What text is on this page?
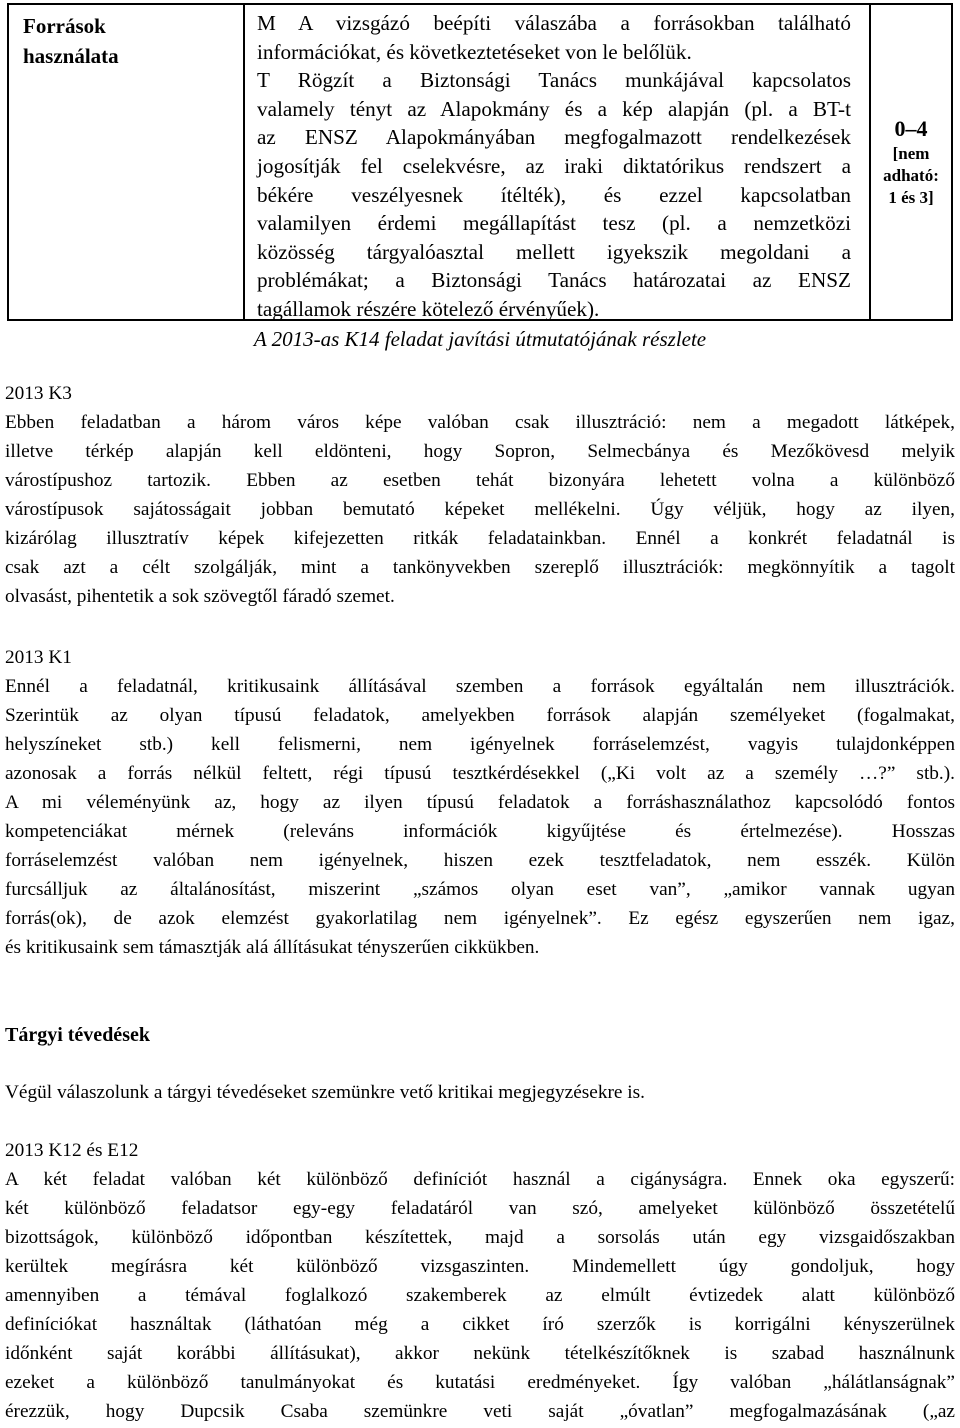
Források
használata
M A vizsgázó beépíti válaszába a forrásokban található
információkat, és következtetéseket von le belőlük.
T Rögzít a Biztonsági Tanács munkájával kapcsolatos
valamely tényt az Alapokmány és a kép alapján (pl. a BT-t
az ENSZ Alapokmányában megfogalmazott rendelkezések
jogosítják fel cselekvésre, az iraki diktatórikus rendszert a
békére veszélyesnek ítélték), és ezzel kapcsolatban
valamilyen érdemi megállapítást tesz (pl. a nemzetközi
közösség tárgyalóasztal mellett igyekszik megoldani a
problémákat; a Biztonsági Tanács határozatai az ENSZ
tagállamok részére kötelező érvényűek).
0–4
[nem
adható:
1 és 3]
A 2013-as K14 feladat javítási útmutatójának részlete
2013 K3
Ebben feladatban a három város képe valóban csak illusztráció: nem a megadott látképek,
illetve térkép alapján kell eldönteni, hogy Sopron, Selmecbánya és Mezőkövesd melyik
várostípushoz tartozik. Ebben az esetben tehát bizonyára lehetett volna a különböző
várostípusok sajátosságait jobban bemutató képeket mellékelni. Úgy véljük, hogy az ilyen,
kizárólag illusztratív képek kifejezetten ritkák feladatainkban. Ennél a konkrét feladatnál is
csak azt a célt szolgálják, mint a tankönyvekben szereplő illusztrációk: megkönnyítik a tagolt
olvasást, pihentetik a sok szövegtől fáradó szemet.
2013 K1
Ennél a feladatnál, kritikusaink állításával szemben a források egyáltalán nem illusztrációk.
Szerintük az olyan típusú feladatok, amelyekben források alapján személyeket (fogalmakat,
helyszíneket stb.) kell felismerni, nem igényelnek forráselemzést, vagyis tulajdonképpen
azonosak a forrás nélkül feltett, régi típusú tesztkérdésekkel („Ki volt az a személy …?” stb.).
A mi véleményünk az, hogy az ilyen típusú feladatok a forráshasználathoz kapcsolódó fontos
kompetenciákat mérnek (releváns információk kigyűjtése és értelmezése). Hosszas
forráselemzést valóban nem igényelnek, hiszen ezek tesztfeladatok, nem esszék. Külön
furcsálljuk az általánosítást, miszerint „számos olyan eset van”, „amikor vannak ugyan
forrás(ok), de azok elemzést gyakorlatilag nem igényelnek”. Ez egész egyszerűen nem igaz,
és kritikusaink sem támasztják alá állításukat tényszerűen cikkükben.
Tárgyi tévedések
Végül válaszolunk a tárgyi tévedéseket szemünkre vető kritikai megjegyzésekre is.
2013 K12 és E12
A két feladat valóban két különböző definíciót használ a cigányságra. Ennek oka egyszerű:
két különböző feladatsor egy-egy feladatáról van szó, amelyeket különböző összetételű
bizottságok, különböző időpontban készítettek, majd a sorsolás után egy vizsgaidőszakban
kerültek megírásra két különböző vizsgaszinten. Mindemellett úgy gondoljuk, hogy
amennyiben a témával foglalkozó szakemberek az elmúlt évtizedek alatt különböző
definíciókat használtak (láthatóan még a cikket író szerzők is korrigálni kényszerülnek
időnként saját korábbi állításukat), akkor nekünk tételkészítőknek is szabad használnunk
ezeket a különböző tanulmányokat és kutatási eredményeket. Így valóban „hálátlanságnak”
érezzük, hogy Dupcsik Csaba szemünkre veti saját „óvatlan” megfogalmazásának („az
